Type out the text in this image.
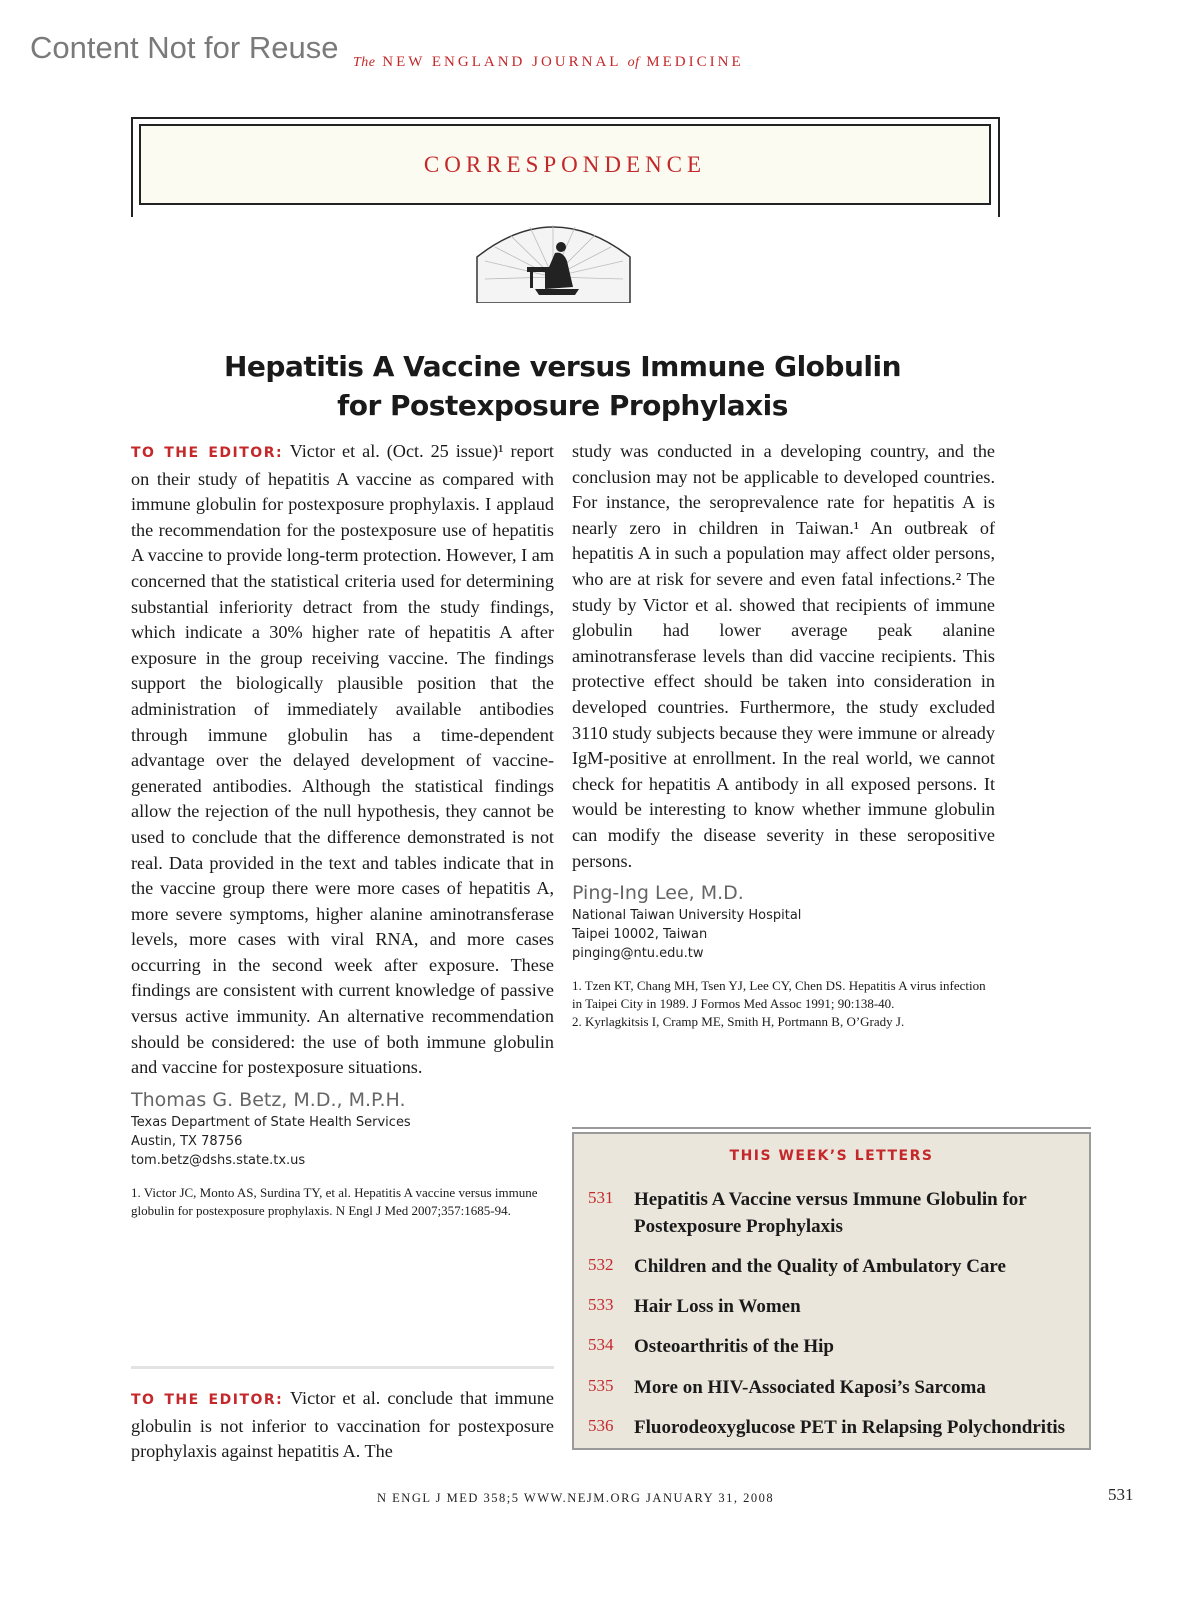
Content Not for Reuse The NEW ENGLAND JOURNAL of MEDICINE
CORRESPONDENCE
Hepatitis A Vaccine versus Immune Globulin
for Postexposure Prophylaxis

TO THE EDITOR: Victor et al. (Oct. 25 issue)¹ report on their study of hepatitis A vaccine as compared with immune globulin for postexposure prophylaxis. I applaud the recommendation for the postexposure use of hepatitis A vaccine to provide long-term protection. However, I am concerned that the statistical criteria used for determining substantial inferiority detract from the study findings, which indicate a 30% higher rate of hepatitis A after exposure in the group receiving vaccine. The findings support the biologically plausible position that the administration of immediately available antibodies through immune globulin has a time-dependent advantage over the delayed development of vaccine-generated antibodies. Although the statistical findings allow the rejection of the null hypothesis, they cannot be used to conclude that the difference demonstrated is not real. Data provided in the text and tables indicate that in the vaccine group there were more cases of hepatitis A, more severe symptoms, higher alanine aminotransferase levels, more cases with viral RNA, and more cases occurring in the second week after exposure. These findings are consistent with current knowledge of passive versus active immunity. An alternative recommendation should be considered: the use of both immune globulin and vaccine for postexposure situations.

Thomas G. Betz, M.D., M.P.H.
Texas Department of State Health Services
Austin, TX 78756
tom.betz@dshs.state.tx.us
1. Victor JC, Monto AS, Surdina TY, et al. Hepatitis A vaccine versus immune globulin for postexposure prophylaxis. N Engl J Med 2007;357:1685-94.

TO THE EDITOR: Victor et al. conclude that immune globulin is not inferior to vaccination for postexposure prophylaxis against hepatitis A. The

study was conducted in a developing country, and the conclusion may not be applicable to developed countries. For instance, the seroprevalence rate for hepatitis A is nearly zero in children in Taiwan.¹ An outbreak of hepatitis A in such a population may affect older persons, who are at risk for severe and even fatal infections.² The study by Victor et al. showed that recipients of immune globulin had lower average peak alanine aminotransferase levels than did vaccine recipients. This protective effect should be taken into consideration in developed countries. Furthermore, the study excluded 3110 study subjects because they were immune or already IgM-positive at enrollment. In the real world, we cannot check for hepatitis A antibody in all exposed persons. It would be interesting to know whether immune globulin can modify the disease severity in these seropositive persons.

Ping-Ing Lee, M.D.
National Taiwan University Hospital
Taipei 10002, Taiwan
pinging@ntu.edu.tw
1. Tzen KT, Chang MH, Tsen YJ, Lee CY, Chen DS. Hepatitis A virus infection in Taipei City in 1989. J Formos Med Assoc 1991; 90:138-40.
2. Kyrlagkitsis I, Cramp ME, Smith H, Portmann B, O’Grady J.
THIS WEEK’S LETTERS
531 Hepatitis A Vaccine versus Immune Globulin for Postexposure Prophylaxis
532 Children and the Quality of Ambulatory Care
533 Hair Loss in Women
534 Osteoarthritis of the Hip
535 More on HIV-Associated Kaposi’s Sarcoma
536 Fluorodeoxyglucose PET in Relapsing Polychondritis
N ENGL J MED 358;5 WWW.NEJM.ORG JANUARY 31, 2008	531
